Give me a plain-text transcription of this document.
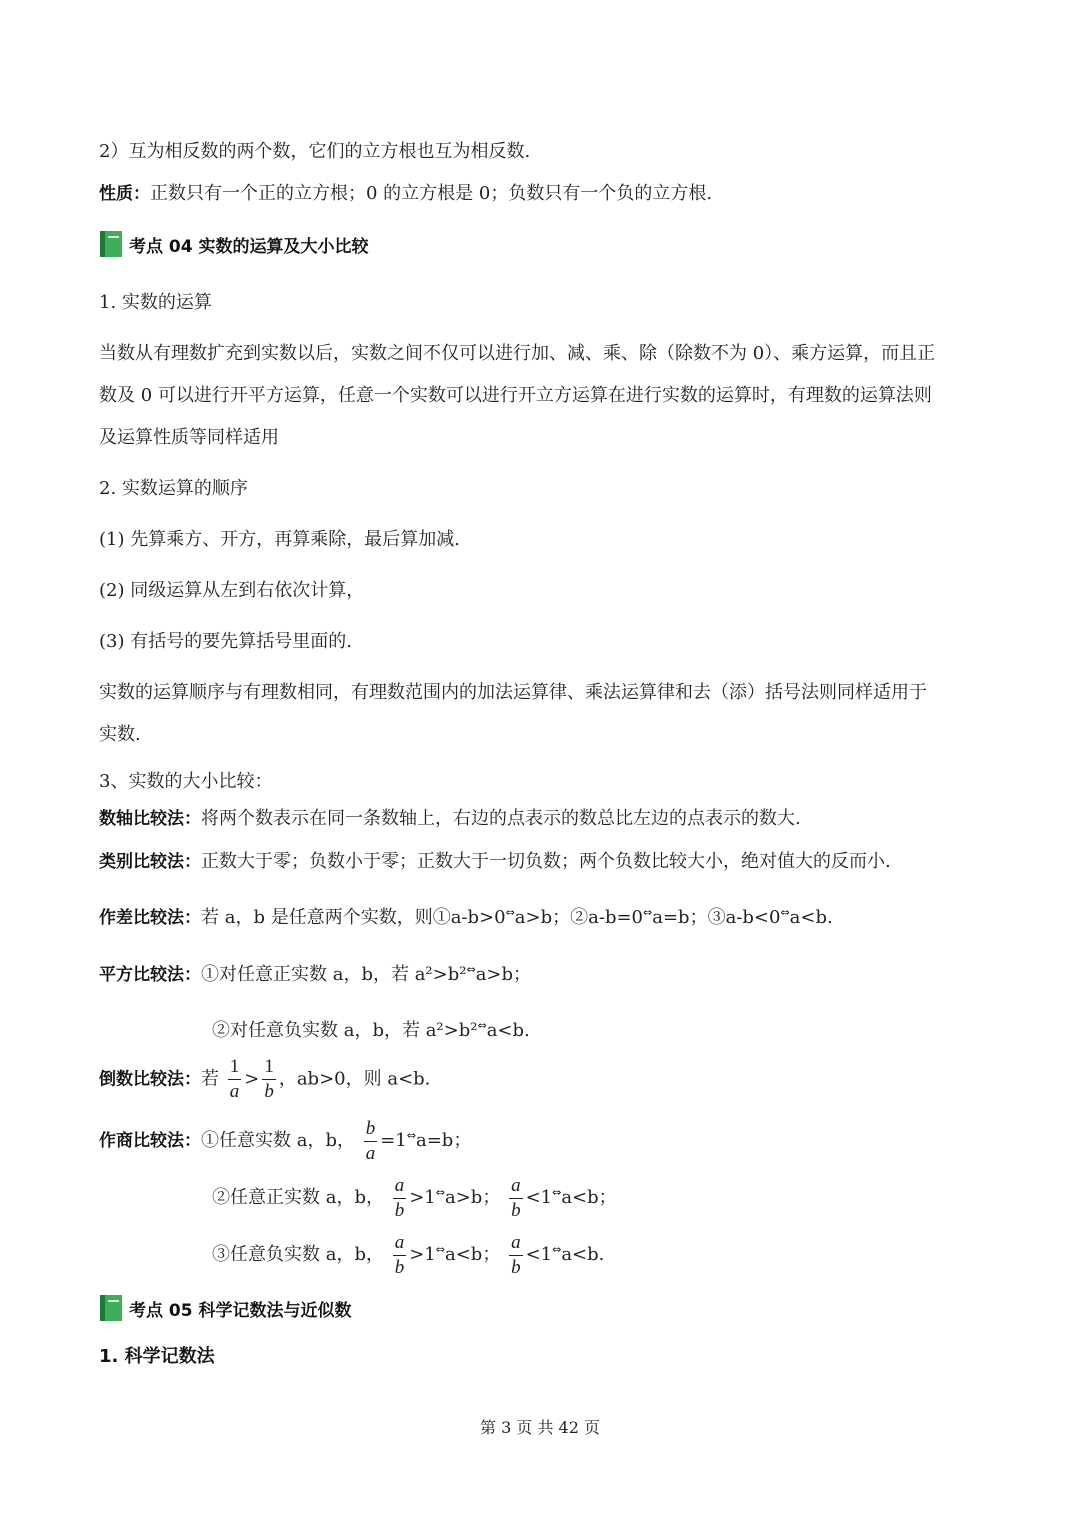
2）互为相反数的两个数，它们的立方根也互为相反数.
性质：正数只有一个正的立方根；0 的立方根是 0；负数只有一个负的立方根.
考点 04 实数的运算及大小比较
1. 实数的运算
当数从有理数扩充到实数以后，实数之间不仅可以进行加、减、乘、除（除数不为 0）、乘方运算，而且正
数及 0 可以进行开平方运算，任意一个实数可以进行开立方运算在进行实数的运算时，有理数的运算法则
及运算性质等同样适用
2. 实数运算的顺序
(1) 先算乘方、开方，再算乘除，最后算加减.
(2) 同级运算从左到右依次计算，
(3) 有括号的要先算括号里面的.
实数的运算顺序与有理数相同，有理数范围内的加法运算律、乘法运算律和去（添）括号法则同样适用于
实数.
3、实数的大小比较：
数轴比较法：将两个数表示在同一条数轴上，右边的点表示的数总比左边的点表示的数大.
类别比较法：正数大于零；负数小于零；正数大于一切负数；两个负数比较大小，绝对值大的反而小.
作差比较法：若 a，b 是任意两个实数，则①a-b>0⇔a>b；②a-b=0⇔a=b；③a-b<0⇔a<b.
平方比较法：①对任意正实数 a，b，若 a²>b²⇔a>b；
②对任意负实数 a，b，若 a²>b²⇔a<b.
倒数比较法：若 $\frac{1}{a} > \frac{1}{b}$ ，ab>0，则 a<b.
作商比较法：①任意实数 a，b， $\frac{b}{a} =1^\Leftrightarrow a=b$；
②任意正实数 a，b， $\frac{a}{b} >1^\Leftrightarrow a>b$； $\frac{a}{b} <1^\Leftrightarrow a<b$；
③任意负实数 a，b， $\frac{a}{b} >1^\Leftrightarrow a<b$； $\frac{a}{b} <1^\Leftrightarrow a<b$.
考点 05 科学记数法与近似数
1. 科学记数法
第 3 页 共 42 页
